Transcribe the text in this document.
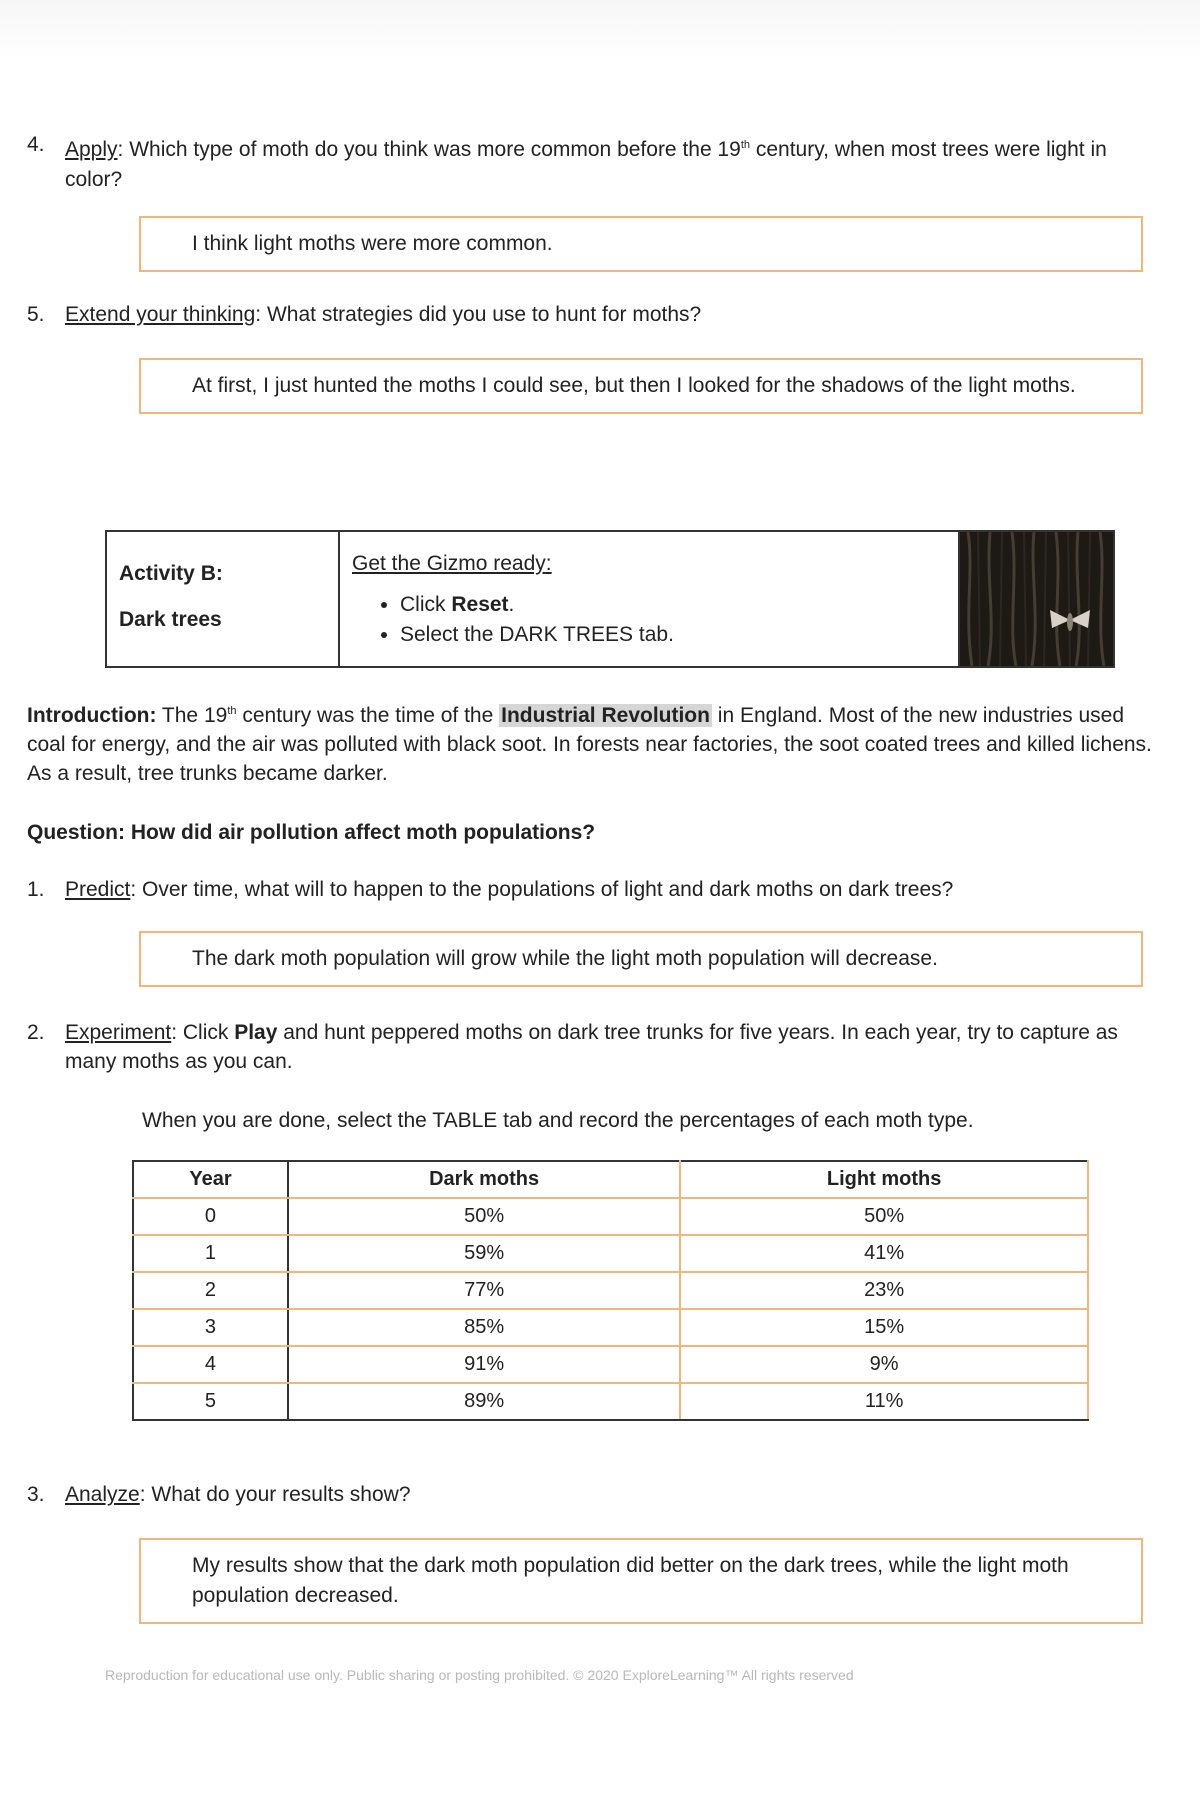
4. Apply: Which type of moth do you think was more common before the 19th century, when most trees were light in color?
I think light moths were more common.
5. Extend your thinking: What strategies did you use to hunt for moths?
At first, I just hunted the moths I could see, but then I looked for the shadows of the light moths.
Activity B:
Dark trees
Get the Gizmo ready:
• Click Reset.
• Select the DARK TREES tab.
Introduction: The 19th century was the time of the Industrial Revolution in England. Most of the new industries used coal for energy, and the air was polluted with black soot. In forests near factories, the soot coated trees and killed lichens. As a result, tree trunks became darker.
Question: How did air pollution affect moth populations?
1. Predict: Over time, what will to happen to the populations of light and dark moths on dark trees?
The dark moth population will grow while the light moth population will decrease.
2. Experiment: Click Play and hunt peppered moths on dark tree trunks for five years. In each year, try to capture as many moths as you can.
When you are done, select the TABLE tab and record the percentages of each moth type.
Year	Dark moths	Light moths
0	50%	50%
1	59%	41%
2	77%	23%
3	85%	15%
4	91%	9%
5	89%	11%
3. Analyze: What do your results show?
My results show that the dark moth population did better on the dark trees, while the light moth population decreased.
Reproduction for educational use only. Public sharing or posting prohibited. © 2020 ExploreLearning™ All rights reserved
